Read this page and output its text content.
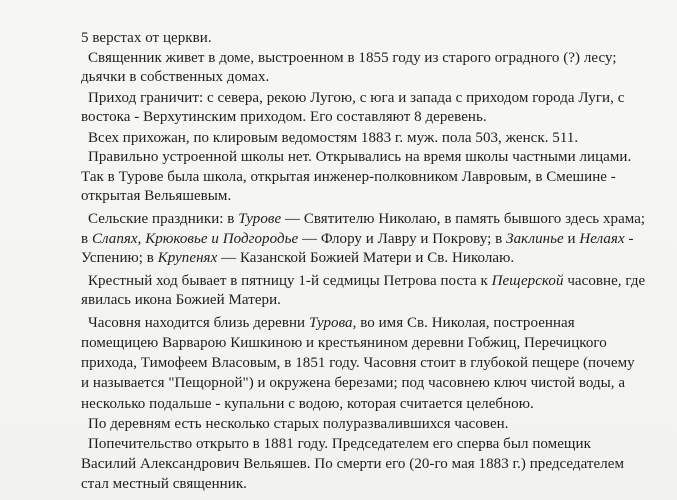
5 верстах от церкви.
Священник живет в доме, выстроенном в 1855 году из старого оградного (?) лесу;
дьячки в собственных домах.
Приход граничит: с севера, рекою Лугою, с юга и запада с приходом города Луги, с
востока - Верхутинским приходом. Его составляют 8 деревень.
Всех прихожан, по клировым ведомостям 1883 г. муж. пола 503, женск. 511.
Правильно устроенной школы нет. Открывались на время школы частными лицами.
Так в Турове была школа, открытая инженер-полковником Лавровым, в Смешине -
открытая Вельяшевым.
Сельские праздники: в Турове — Святителю Николаю, в память бывшого здесь храма;
в Слапях, Крюковье и Подгородье — Флору и Лавру и Покрову; в Заклинье и Нелаях -
Успению; в Крупенях — Казанской Божией Матери и Св. Николаю.
Крестный ход бывает в пятницу 1-й седмицы Петрова поста к Пещерской часовне, где
явилась икона Божией Матери.
Часовня находится близь деревни Турова, во имя Св. Николая, построенная
помещицею Варварою Кишкиною и крестьянином деревни Гобжиц, Перечицкого
прихода, Тимофеем Власовым, в 1851 году. Часовня стоит в глубокой пещере (почему
и называется "Пещорной") и окружена березами; под часовнею ключ чистой воды, а
несколько подальше - купальни с водою, которая считается целебною.
По деревням есть несколько старых полуразвалившихся часовен.
Попечительство открыто в 1881 году. Председателем его сперва был помещик
Василий Александрович Вельяшев. По смерти его (20-го мая 1883 г.) председателем
стал местный священник.
